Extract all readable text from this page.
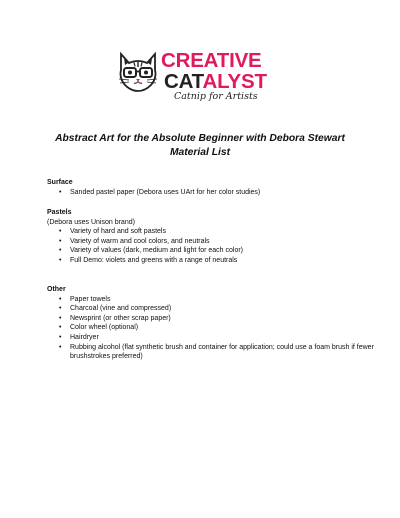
CREATIVE
CATALYST
Catnip for Artists
Abstract Art for the Absolute Beginner with Debora Stewart
Material List
Surface
• Sanded pastel paper (Debora uses UArt for her color studies)
Pastels
(Debora uses Unison brand)
• Variety of hard and soft pastels
• Variety of warm and cool colors, and neutrals
• Variety of values (dark, medium and light for each color)
• Full Demo: violets and greens with a range of neutrals
Other
• Paper towels
• Charcoal (vine and compressed)
• Newsprint (or other scrap paper)
• Color wheel (optional)
• Hairdryer
• Rubbing alcohol (flat synthetic brush and container for application; could use a foam brush if fewer brushstrokes preferred)
